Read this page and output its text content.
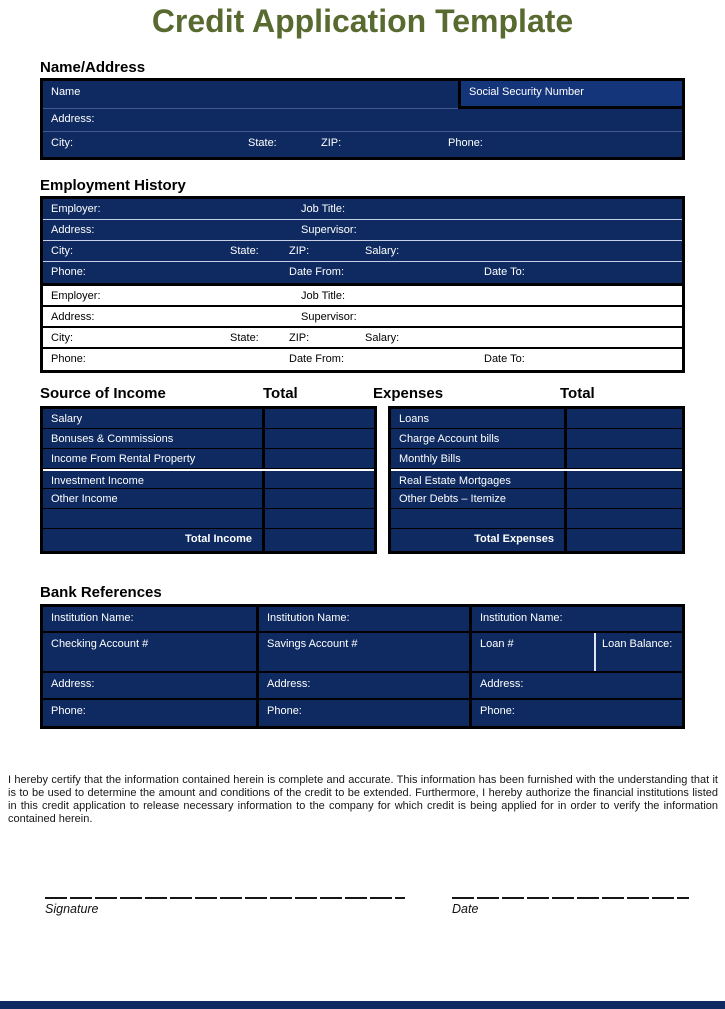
Credit Application Template
Name/Address
Name	Social Security Number
Address:
City:	State:	ZIP:	Phone:
Employment History
Employer:	Job Title:
Address:	Supervisor:
City:	State:	ZIP:	Salary:
Phone:	Date From:	Date To:
Employer:	Job Title:
Address:	Supervisor:
City:	State:	ZIP:	Salary:
Phone:	Date From:	Date To:
Source of Income	Total	Expenses	Total
Salary
Bonuses & Commissions
Income From Rental Property
Investment Income
Other Income
Total Income
Loans
Charge Account bills
Monthly Bills
Real Estate Mortgages
Other Debts – Itemize
Total Expenses
Bank References
Institution Name:	Institution Name:	Institution Name:
Checking Account #	Savings Account #	Loan #	Loan Balance:
Address:	Address:	Address:
Phone:	Phone:	Phone:
I hereby certify that the information contained herein is complete and accurate. This information has been furnished with the understanding that it is to be used to determine the amount and conditions of the credit to be extended. Furthermore, I hereby authorize the financial institutions listed in this credit application to release necessary information to the company for which credit is being applied for in order to verify the information contained herein.
Signature	Date
